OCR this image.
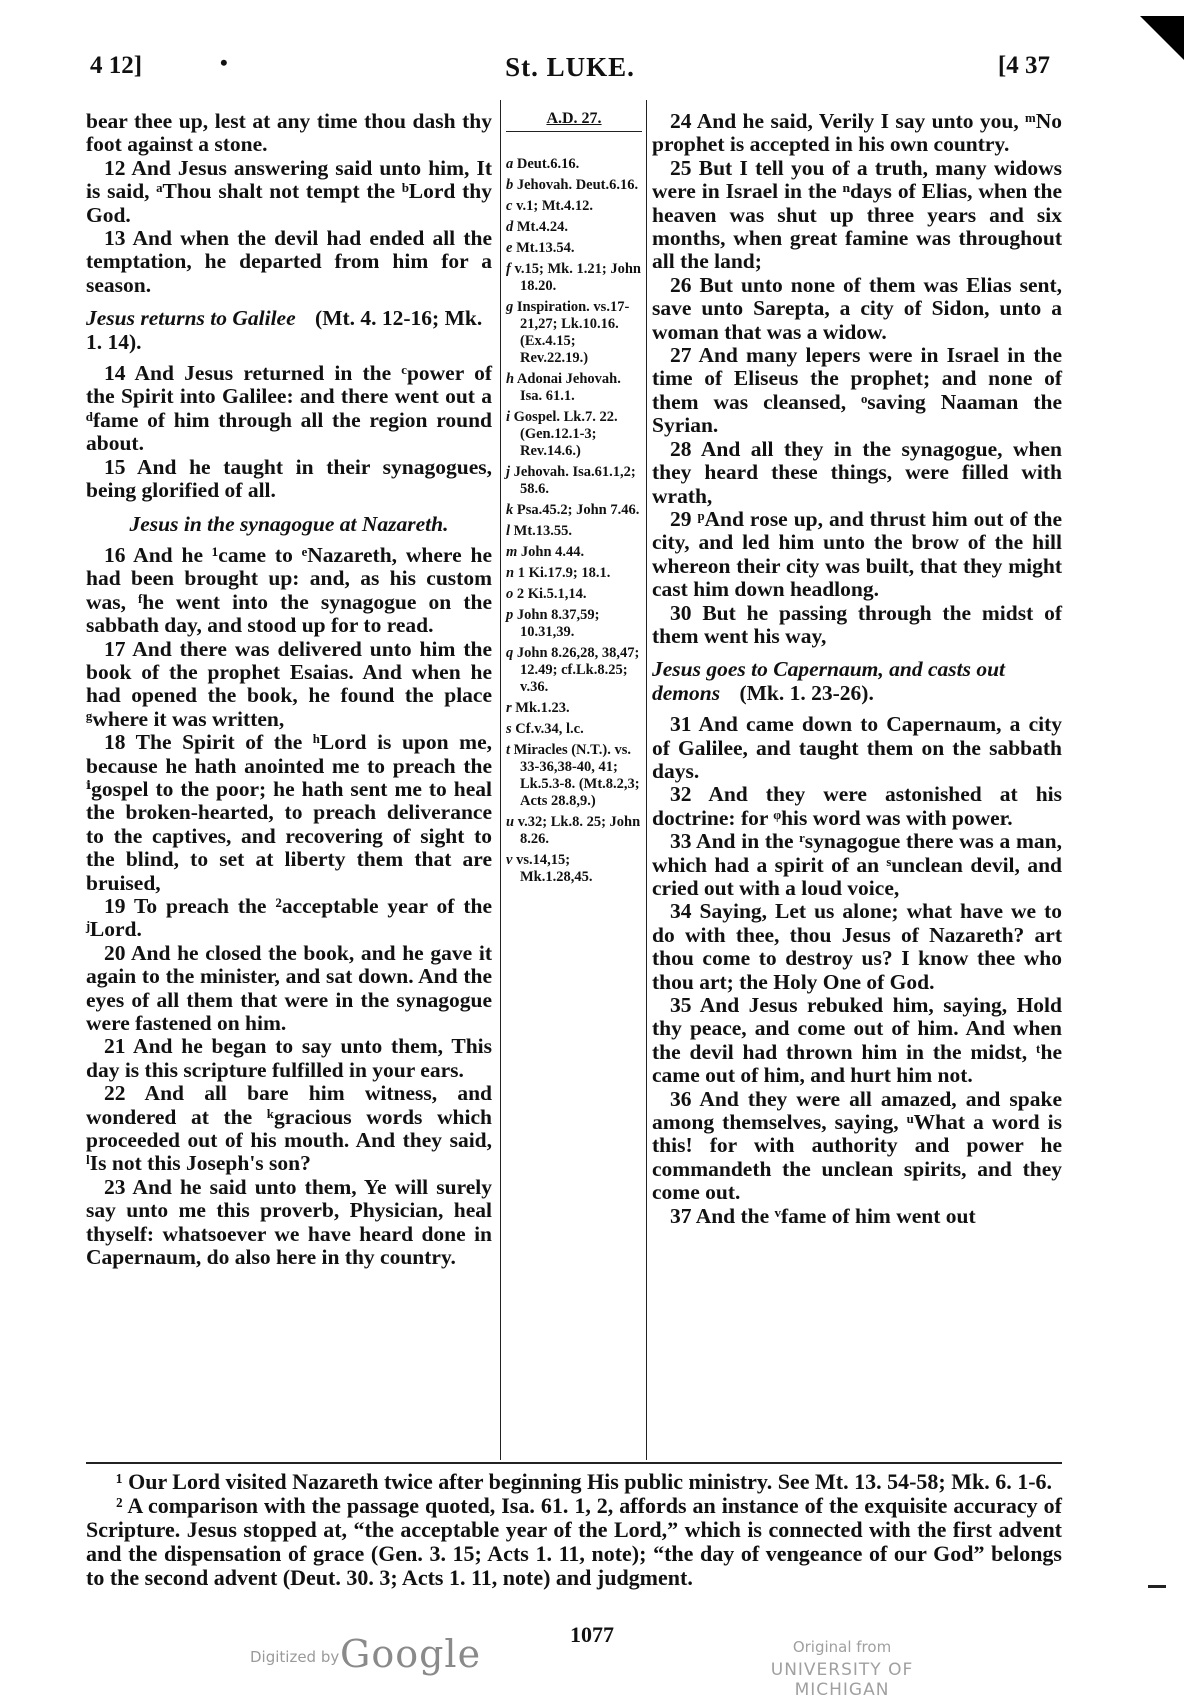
4 12]	•	St. LUKE.	[4 37

bear thee up, lest at any time thou dash thy foot against a stone.

12 And Jesus answering said unto him, It is said, ᵃThou shalt not tempt the ᵇLord thy God.

13 And when the devil had ended all the temptation, he departed from him for a season.

Jesus returns to Galilee (Mt. 4. 12-16; Mk. 1. 14).

14 And Jesus returned in the ᶜpower of the Spirit into Galilee: and there went out a ᵈfame of him through all the region round about.

15 And he taught in their synagogues, being glorified of all.

Jesus in the synagogue at Nazareth.

16 And he ¹came to ᵉNazareth, where he had been brought up: and, as his custom was, ᶠhe went into the synagogue on the sabbath day, and stood up for to read.

17 And there was delivered unto him the book of the prophet Esaias. And when he had opened the book, he found the place ᵍwhere it was written,

18 The Spirit of the ʰLord is upon me, because he hath anointed me to preach the ⁱgospel to the poor; he hath sent me to heal the broken-hearted, to preach deliverance to the captives, and recovering of sight to the blind, to set at liberty them that are bruised,

19 To preach the ²acceptable year of the ʲLord.

20 And he closed the book, and he gave it again to the minister, and sat down. And the eyes of all them that were in the synagogue were fastened on him.

21 And he began to say unto them, This day is this scripture fulfilled in your ears.

22 And all bare him witness, and wondered at the ᵏgracious words which proceeded out of his mouth. And they said, ˡIs not this Joseph's son?

23 And he said unto them, Ye will surely say unto me this proverb, Physician, heal thyself: whatsoever we have heard done in Capernaum, do also here in thy country.

A.D. 27.
a Deut.6.16.
b Jehovah. Deut.6.16.
c v.1; Mt.4.12.
d Mt.4.24.
e Mt.13.54.
f v.15; Mk. 1.21; John 18.20.
g Inspiration. vs.17-21,27; Lk.10.16. (Ex.4.15; Rev.22.19.)
h Adonai Jehovah. Isa. 61.1.
i Gospel. Lk.7. 22. (Gen.12.1-3; Rev.14.6.)
j Jehovah. Isa.61.1,2; 58.6.
k Psa.45.2; John 7.46.
l Mt.13.55.
m John 4.44.
n 1 Ki.17.9; 18.1.
o 2 Ki.5.1,14.
p John 8.37,59; 10.31,39.
q John 8.26,28, 38,47; 12.49; cf.Lk.8.25; v.36.
r Mk.1.23.
s Cf.v.34, l.c.
t Miracles (N.T.). vs. 33-36,38-40, 41; Lk.5.3-8. (Mt.8.2,3; Acts 28.8,9.)
u v.32; Lk.8. 25; John 8.26.
v vs.14,15; Mk.1.28,45.

24 And he said, Verily I say unto you, ᵐNo prophet is accepted in his own country.

25 But I tell you of a truth, many widows were in Israel in the ⁿdays of Elias, when the heaven was shut up three years and six months, when great famine was throughout all the land;

26 But unto none of them was Elias sent, save unto Sarepta, a city of Sidon, unto a woman that was a widow.

27 And many lepers were in Israel in the time of Eliseus the prophet; and none of them was cleansed, ᵒsaving Naaman the Syrian.

28 And all they in the synagogue, when they heard these things, were filled with wrath,

29 ᵖAnd rose up, and thrust him out of the city, and led him unto the brow of the hill whereon their city was built, that they might cast him down headlong.

30 But he passing through the midst of them went his way,

Jesus goes to Capernaum, and casts out demons (Mk. 1. 23-26).

31 And came down to Capernaum, a city of Galilee, and taught them on the sabbath days.

32 And they were astonished at his doctrine: for ᵠhis word was with power.

33 And in the ʳsynagogue there was a man, which had a spirit of an ˢunclean devil, and cried out with a loud voice,

34 Saying, Let us alone; what have we to do with thee, thou Jesus of Nazareth? art thou come to destroy us? I know thee who thou art; the Holy One of God.

35 And Jesus rebuked him, saying, Hold thy peace, and come out of him. And when the devil had thrown him in the midst, ᵗhe came out of him, and hurt him not.

36 And they were all amazed, and spake among themselves, saying, ᵘWhat a word is this! for with authority and power he commandeth the unclean spirits, and they come out.

37 And the ᵛfame of him went out

¹ Our Lord visited Nazareth twice after beginning His public ministry. See Mt. 13. 54-58; Mk. 6. 1-6.

² A comparison with the passage quoted, Isa. 61. 1, 2, affords an instance of the exquisite accuracy of Scripture. Jesus stopped at, “the acceptable year of the Lord,” which is connected with the first advent and the dispensation of grace (Gen. 3. 15; Acts 1. 11, note); “the day of vengeance of our God” belongs to the second advent (Deut. 30. 3; Acts 1. 11, note) and judgment.

1077
Digitized by Google	Original from
UNIVERSITY OF MICHIGAN
